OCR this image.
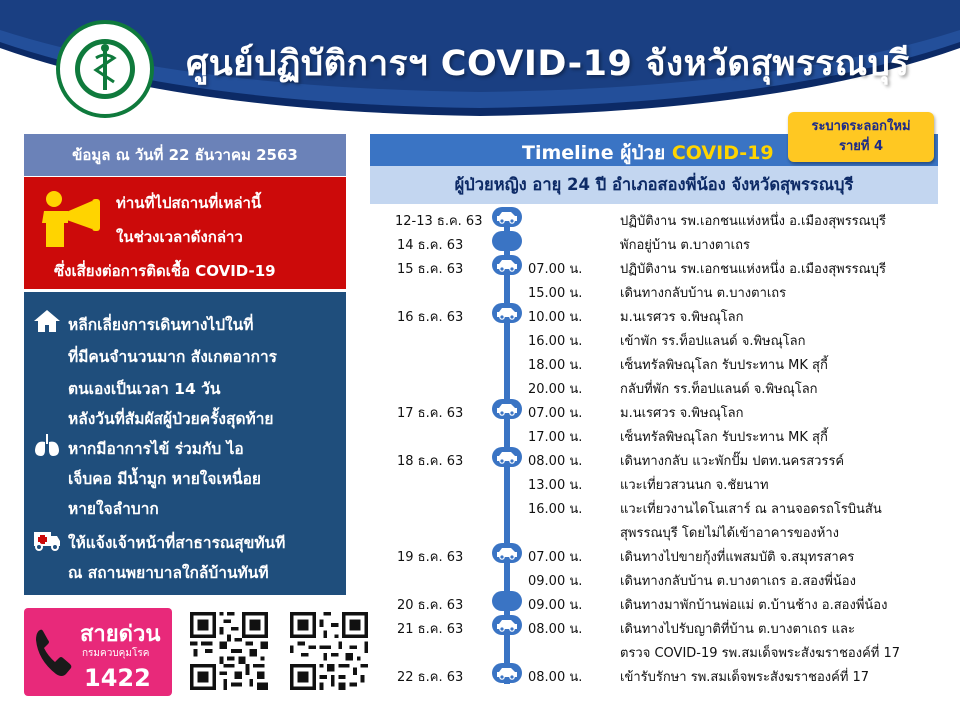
ศูนย์ปฏิบัติการฯ COVID-19 จังหวัดสุพรรณบุรี
ข้อมูล ณ วันที่ 22 ธันวาคม 2563
ท่านที่ไปสถานที่เหล่านี้
ในช่วงเวลาดังกล่าว
ซึ่งเสี่ยงต่อการติดเชื้อ COVID-19
หลีกเลี่ยงการเดินทางไปในที่
ที่มีคนจำนวนมาก สังเกตอาการ
ตนเองเป็นเวลา 14 วัน
หลังวันที่สัมผัสผู้ป่วยครั้งสุดท้าย
หากมีอาการไข้ ร่วมกับ ไอ
เจ็บคอ มีน้ำมูก หายใจเหนื่อย
หายใจลำบาก
ให้แจ้งเจ้าหน้าที่สาธารณสุขทันที
ณ สถานพยาบาลใกล้บ้านทันที
สายด่วน
กรมควบคุมโรค
1422
Timeline ผู้ป่วย COVID-19
ระบาดระลอกใหม่
รายที่ 4
ผู้ป่วยหญิง อายุ 24 ปี อำเภอสองพี่น้อง จังหวัดสุพรรณบุรี
12-13 ธ.ค. 63	ปฏิบัติงาน รพ.เอกชนแห่งหนึ่ง อ.เมืองสุพรรณบุรี
14 ธ.ค. 63	พักอยู่บ้าน ต.บางตาเถร
15 ธ.ค. 63	07.00 น.	ปฏิบัติงาน รพ.เอกชนแห่งหนึ่ง อ.เมืองสุพรรณบุรี
15.00 น.	เดินทางกลับบ้าน ต.บางตาเถร
16 ธ.ค. 63	10.00 น.	ม.นเรศวร จ.พิษณุโลก
16.00 น.	เข้าพัก รร.ท็อปแลนด์ จ.พิษณุโลก
18.00 น.	เซ็นทรัลพิษณุโลก รับประทาน MK สุกี้
20.00 น.	กลับที่พัก รร.ท็อปแลนด์ จ.พิษณุโลก
17 ธ.ค. 63	07.00 น.	ม.นเรศวร จ.พิษณุโลก
17.00 น.	เซ็นทรัลพิษณุโลก รับประทาน MK สุกี้
18 ธ.ค. 63	08.00 น.	เดินทางกลับ แวะพักปั๊ม ปตท.นครสวรรค์
13.00 น.	แวะเที่ยวสวนนก จ.ชัยนาท
16.00 น.	แวะเที่ยวงานไดโนเสาร์ ณ ลานจอดรถโรบินสัน
สุพรรณบุรี โดยไม่ได้เข้าอาคารของห้าง
19 ธ.ค. 63	07.00 น.	เดินทางไปขายกุ้งที่แพสมบัติ จ.สมุทรสาคร
09.00 น.	เดินทางกลับบ้าน ต.บางตาเถร อ.สองพี่น้อง
20 ธ.ค. 63	09.00 น.	เดินทางมาพักบ้านพ่อแม่ ต.บ้านช้าง อ.สองพี่น้อง
21 ธ.ค. 63	08.00 น.	เดินทางไปรับญาติที่บ้าน ต.บางตาเถร และ
ตรวจ COVID-19 รพ.สมเด็จพระสังฆราชองค์ที่ 17
22 ธ.ค. 63	08.00 น.	เข้ารับรักษา รพ.สมเด็จพระสังฆราชองค์ที่ 17
